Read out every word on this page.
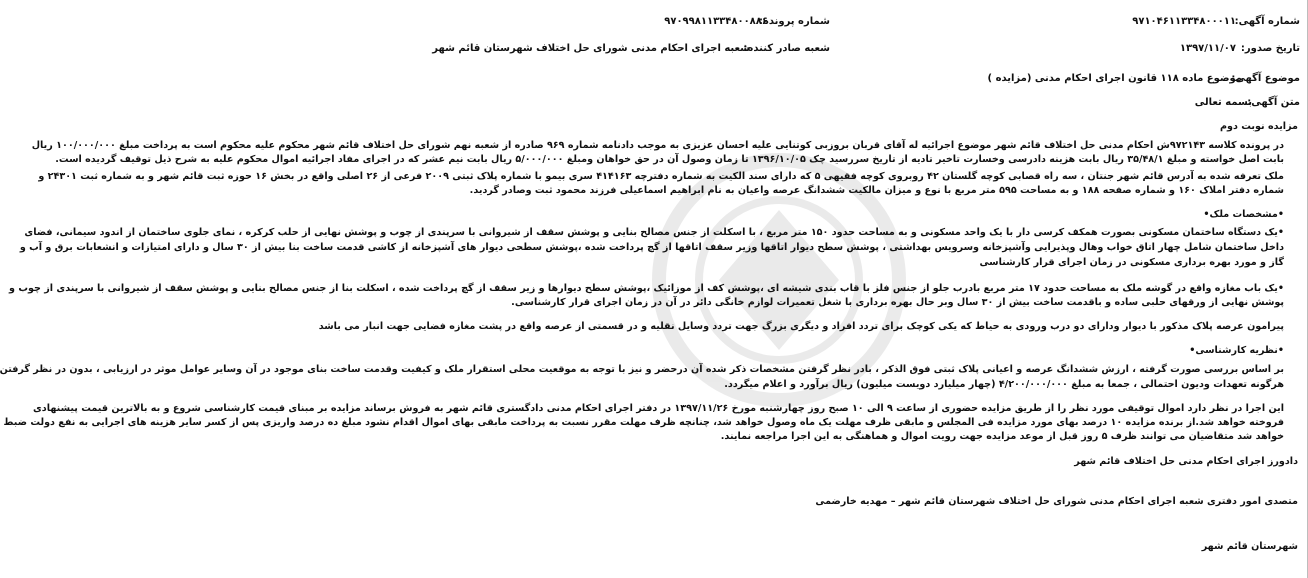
شماره آگهی:
۹۷۱۰۴۶۱۱۳۳۴۸۰۰۰۱۱
تاریخ صدور:
۱۳۹۷/۱۱/۰۷
شماره پرونده:
۹۷۰۹۹۸۱۱۳۳۴۸۰۰۸۸۶
شعبه صادر کننده:
شعبه اجرای احکام مدنی شورای حل اختلاف شهرستان قائم شهر
موضوع آگهی:
موضوع ماده ۱۱۸ قانون اجرای احکام مدنی (مزایده )
متن آگهی:
بسمه تعالی
مزایده نوبت دوم
در پرونده کلاسه ۹۷۲۱۴۳ش احکام مدنی حل اختلاف قائم شهر موضوع اجرائیه له آقای قربان بروزبی کوتنایی علیه احسان عزیزی به موجب دادنامه شماره ۹۶۹ صادره از شعبه نهم شورای حل اختلاف قائم شهر محکوم علیه محکوم است به پرداخت مبلغ ۱۰۰/۰۰۰/۰۰۰ ریال
بابت اصل خواسته و مبلغ ۳۵/۴۸/۱ ریال بابت هزینه دادرسی وخسارت تاخیر تادیه از تاریخ سررسید چک ۱۳۹۶/۱۰/۰۵ تا زمان وصول آن در حق خواهان ومبلغ ۵/۰۰۰/۰۰۰ ریال بابت نیم عشر که در اجرای مفاد اجرائیه اموال محکوم علیه به شرح ذیل توقیف گردیده است.
ملک تعرفه شده به آدرس قائم شهر جنتان ، سه راه قصابی کوچه گلستان ۴۲ روبروی کوچه فقیهی ۵ که دارای سند الکیت به شماره دفترچه ۴۱۴۱۶۳ سری بیمو با شماره پلاک ثبتی ۲۰۰۹ فرعی از ۲۶ اصلی واقع در بخش ۱۶ حوزه ثبت قائم شهر و به شماره ثبت ۲۴۳۰۱ و
شماره دفتر املاک ۱۶۰ و شماره صفحه ۱۸۸ و به مساحت ۵۹۵ متر مربع با نوع و میزان مالکیت ششدانگ عرصه واعیان به نام ابراهیم اسماعیلی فرزند محمود ثبت وصادر گردید.
•مشخصات ملک•
•یک دستگاه ساختمان مسکونی بصورت همکف کرسی دار با یک واحد مسکونی و به مساحت حدود ۱۵۰ متر مربع ، با اسکلت از جنس مصالح بنایی و پوشش سقف از شیروانی با سرپندی از چوب و پوشش نهایی از حلب کرکره ، نمای جلوی ساختمان از اندود سیمانی، فضای
داخل ساختمان شامل چهار اتاق خواب وهال وپذیرایی وآشپزخانه وسرویس بهداشتی ، پوشش سطح دیوار اتاقها وزیر سقف اتاقها از گچ پرداخت شده ،پوشش سطحی دیوار های آشپزخانه از کاشی قدمت ساخت بنا بیش از ۳۰ سال و دارای امتیازات و انشعابات برق و آب و
گاز و مورد بهره برداری مسکونی در زمان اجرای قرار کارشناسی
•یک باب مغازه واقع در گوشه ملک به مساحت حدود ۱۷ متر مربع بادرب جلو از جنس فلز با قاب بندی شیشه ای ،پوشش کف از موزائیک ،پوشش سطح دیوارها و زیر سقف از گچ پرداخت شده ، اسکلت بنا از جنس مصالح بنایی و پوشش سقف از شیروانی با سرپندی از چوب و
پوشش نهایی از ورقهای حلبی ساده و باقدمت ساخت بیش از ۳۰ سال وبر حال بهره برداری با شغل تعمیرات لوازم خانگی دائر در آن در زمان اجرای قرار کارشناسی.
پیرامون عرصه پلاک مذکور با دیوار ودارای دو درب ورودی به حیاط که یکی کوچک برای تردد افراد و دیگری بزرگ جهت تردد وسایل نقلیه و در قسمتی از عرصه واقع در پشت مغازه فضایی جهت انبار می باشد
•نظریه کارشناسی•
بر اساس بررسی صورت گرفته ، ارزش ششدانگ عرصه و اعیانی پلاک ثبتی فوق الذکر ، بادر نظر گرفتن مشخصات ذکر شده آن درحضر و نیز با توجه به موقعیت محلی استقرار ملک و کیفیت وقدمت ساخت بنای موجود در آن وسایر عوامل موثر در ارزیابی ، بدون در نظر گرفتن
هرگونه تعهدات ودیون احتمالی ، جمعا به مبلغ ۴/۲۰۰/۰۰۰/۰۰۰ (چهار میلیارد دویست میلیون) ریال برآورد و اعلام میگردد.
این اجرا در نظر دارد اموال توقیفی مورد نظر را از طریق مزایده حضوری از ساعت ۹ الی ۱۰ صبح روز چهارشنبه مورخ ۱۳۹۷/۱۱/۲۶ در دفتر اجرای احکام مدنی دادگستری قائم شهر به فروش برساند مزایده بر مبنای قیمت کارشناسی شروع و به بالاترین قیمت پیشنهادی
فروخته خواهد شد.از برنده مزایده ۱۰ درصد بهای مورد مزایده فی المجلس و مابقی ظرف مهلت یک ماه وصول خواهد شد، چنانچه ظرف مهلت مقرر نسبت به پرداخت مابقی بهای اموال اقدام نشود مبلغ ده درصد واریزی پس از کسر سایر هزینه های اجرایی به نفع دولت ضبط
خواهد شد متقاضیان می توانند ظرف ۵ روز قبل از موعد مزایده جهت رویت اموال و هماهنگی به این اجرا مراجعه نمایند.
دادورز اجرای احکام مدنی حل اختلاف قائم شهر
متصدی امور دفتری شعبه اجرای احکام مدنی شورای حل اختلاف شهرستان قائم شهر – مهدیه خارضمی
شهرستان قائم شهر
